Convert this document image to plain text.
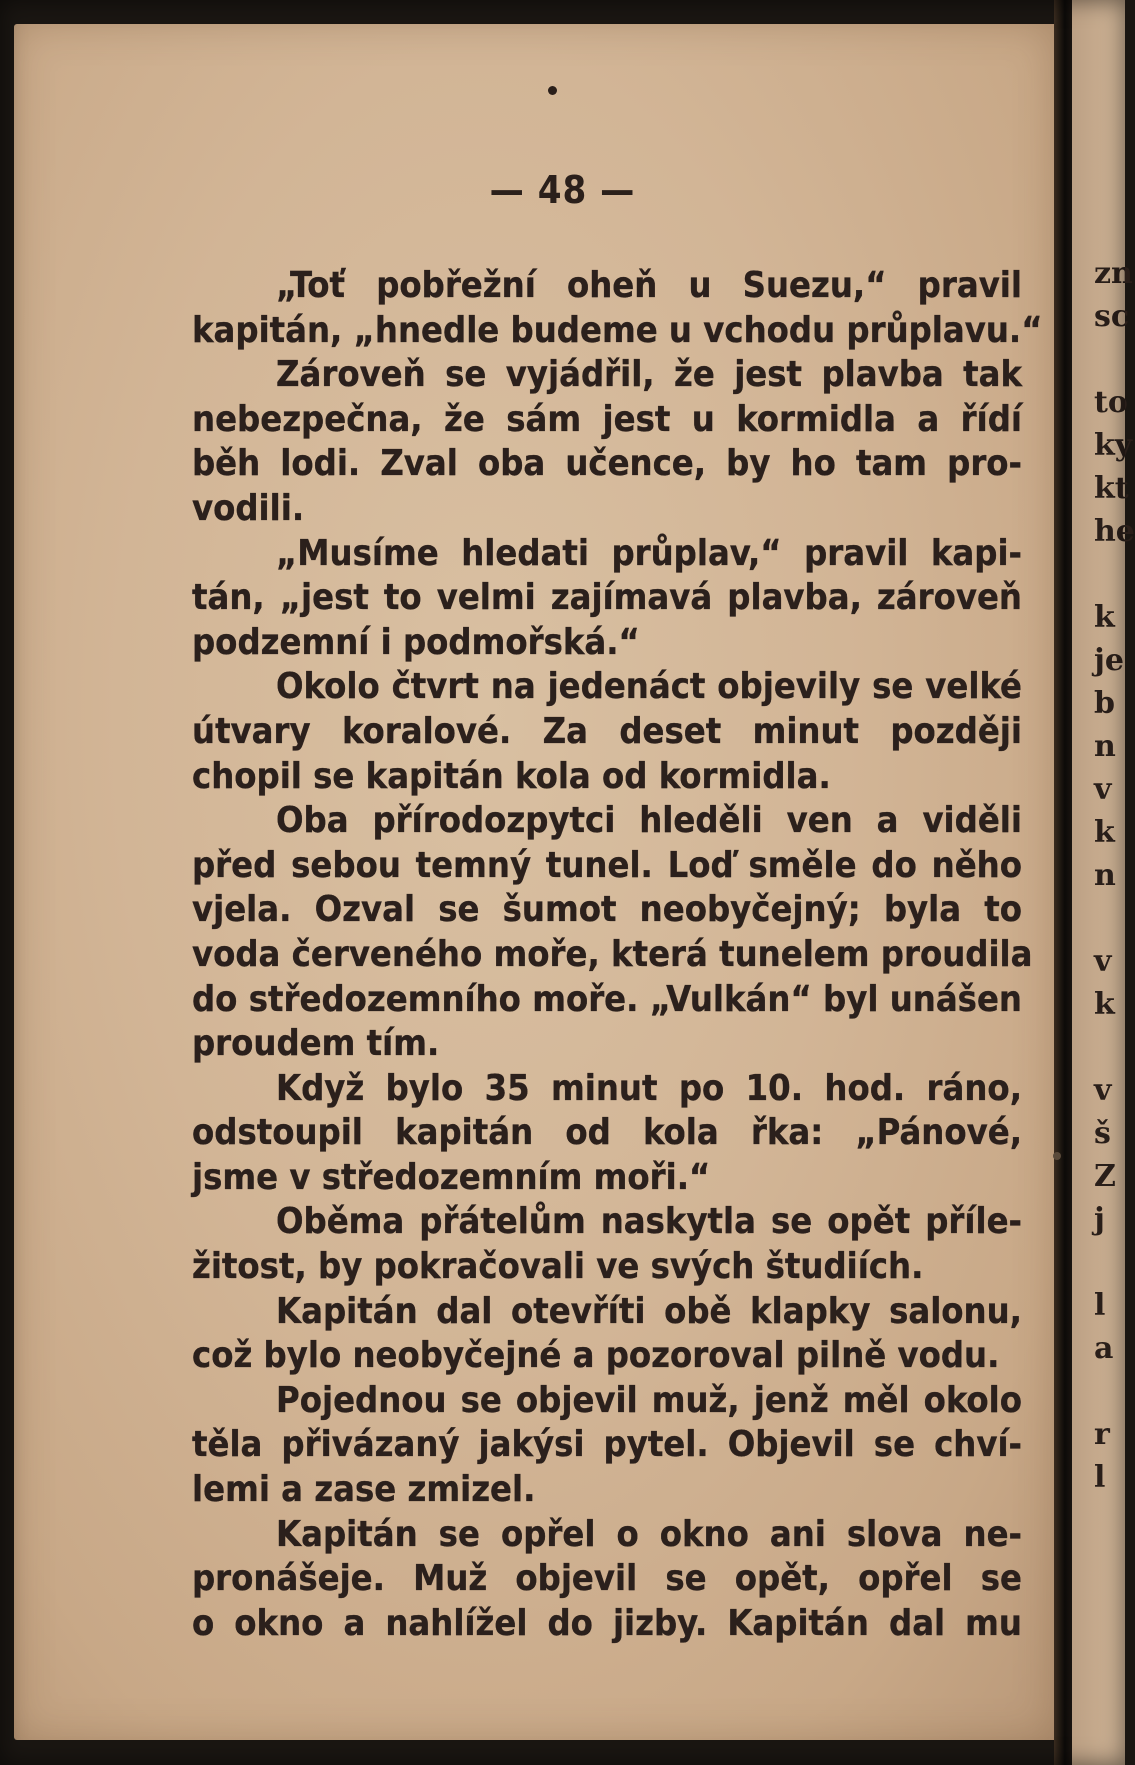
zn
sc

to
ky
kt
he

k
je
b
n
v
k
n

v
k

v
š
Z
j

l
a

r
l
— 48 —
„Toť pobřežní oheň u Suezu,“ pravil
kapitán, „hnedle budeme u vchodu průplavu.“
Zároveň se vyjádřil, že jest plavba tak
nebezpečna, že sám jest u kormidla a řídí
běh lodi. Zval oba učence, by ho tam pro-
vodili.
„Musíme hledati průplav,“ pravil kapi-
tán, „jest to velmi zajímavá plavba, zároveň
podzemní i podmořská.“
Okolo čtvrt na jedenáct objevily se velké
útvary koralové. Za deset minut později
chopil se kapitán kola od kormidla.
Oba přírodozpytci hleděli ven a viděli
před sebou temný tunel. Loď směle do něho
vjela. Ozval se šumot neobyčejný; byla to
voda červeného moře, která tunelem proudila
do středozemního moře. „Vulkán“ byl unášen
proudem tím.
Když bylo 35 minut po 10. hod. ráno,
odstoupil kapitán od kola řka: „Pánové,
jsme v středozemním moři.“
Oběma přátelům naskytla se opět příle-
žitost, by pokračovali ve svých študiích.
Kapitán dal otevříti obě klapky salonu,
což bylo neobyčejné a pozoroval pilně vodu.
Pojednou se objevil muž, jenž měl okolo
těla přivázaný jakýsi pytel. Objevil se chví-
lemi a zase zmizel.
Kapitán se opřel o okno ani slova ne-
pronášeje. Muž objevil se opět, opřel se
o okno a nahlížel do jizby. Kapitán dal mu
